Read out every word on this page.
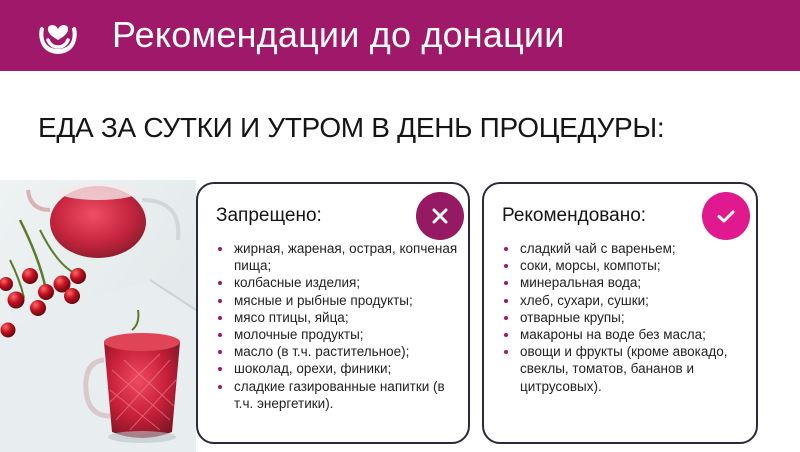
Рекомендации до донации
ЕДА ЗА СУТКИ И УТРОМ В ДЕНЬ ПРОЦЕДУРЫ:
Запрещено:
жирная, жареная, острая, копченая пища;
колбасные изделия;
мясные и рыбные продукты;
мясо птицы, яйца;
молочные продукты;
масло (в т.ч. растительное);
шоколад, орехи, финики;
сладкие газированные напитки (в т.ч. энергетики).
Рекомендовано:
сладкий чай с вареньем;
соки, морсы, компоты;
минеральная вода;
хлеб, сухари, сушки;
отварные крупы;
макароны на воде без масла;
овощи и фрукты (кроме авокадо, свеклы, томатов, бананов и цитрусовых).
